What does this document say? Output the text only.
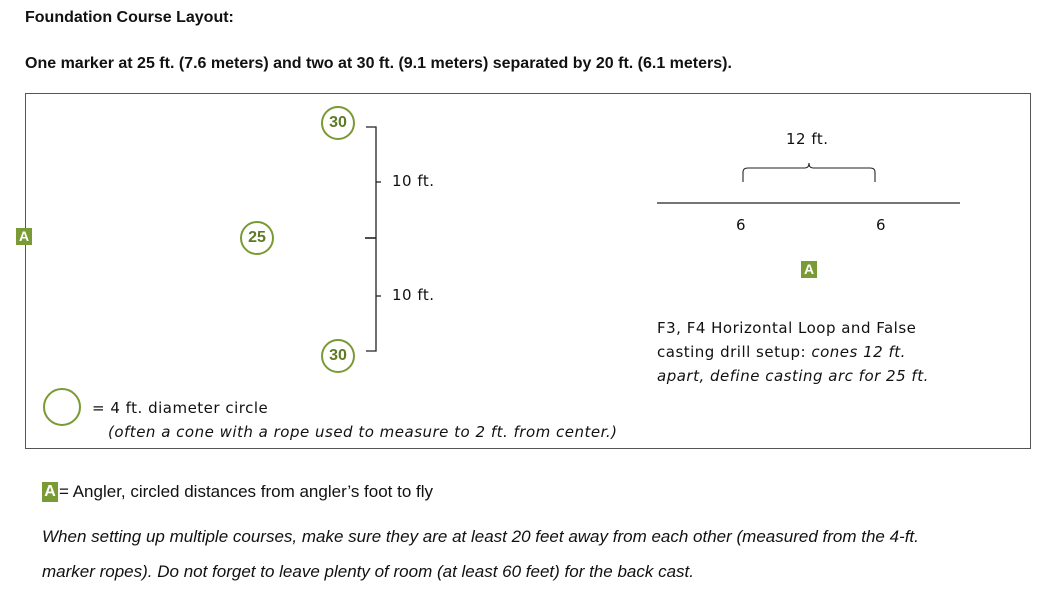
Foundation Course Layout:
One marker at 25 ft. (7.6 meters) and two at 30 ft. (9.1 meters) separated by 20 ft. (6.1 meters).
A
30
25
30
10 ft.
10 ft.
12 ft.
6	6
A
F3, F4 Horizontal Loop and False
casting drill setup: cones 12 ft.
apart, define casting arc for 25 ft.
= 4 ft. diameter circle
(often a cone with a rope used to measure to 2 ft. from center.)
A = Angler, circled distances from angler’s foot to fly
When setting up multiple courses, make sure they are at least 20 feet away from each other (measured from the 4-ft.
marker ropes). Do not forget to leave plenty of room (at least 60 feet) for the back cast.
